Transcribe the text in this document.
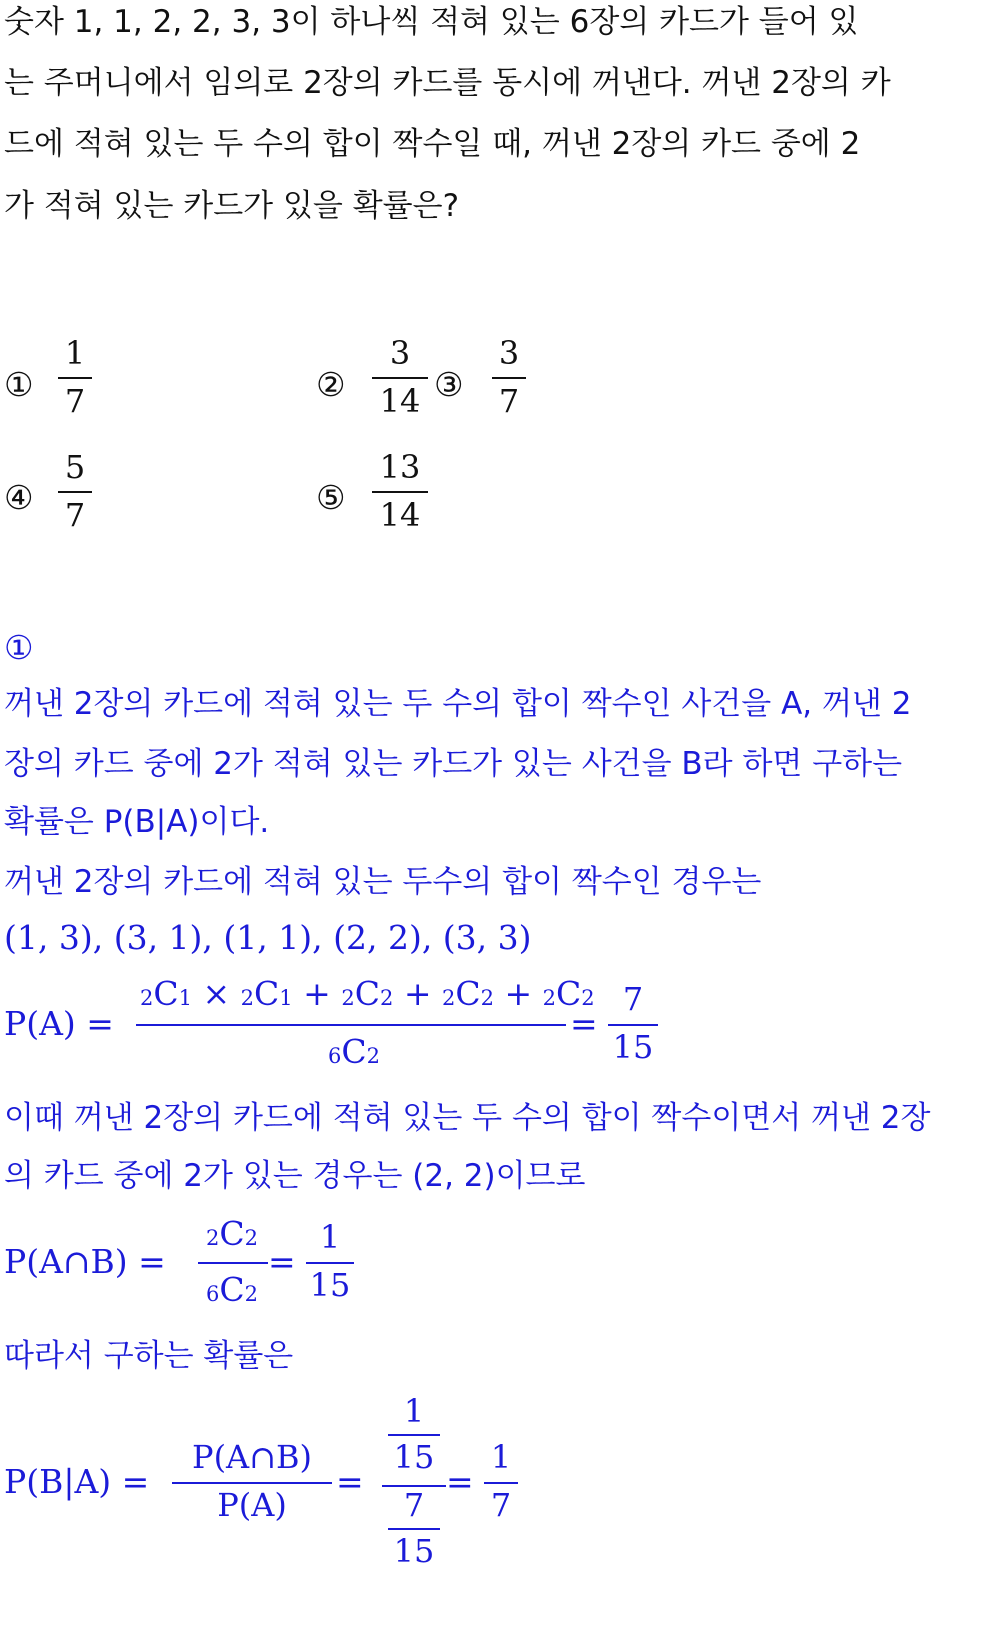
숫자 1, 1, 2, 2, 3, 3이 하나씩 적혀 있는 6장의 카드가 들어 있
는 주머니에서 임의로 2장의 카드를 동시에 꺼낸다. 꺼낸 2장의 카
드에 적혀 있는 두 수의 합이 짝수일 때, 꺼낸 2장의 카드 중에 2
가 적혀 있는 카드가 있을 확률은?
①
1
7	②
3
14 ③
3
7
④
5
7	⑤
13
14
①
꺼낸 2장의 카드에 적혀 있는 두 수의 합이 짝수인 사건을 A, 꺼낸 2
장의 카드 중에 2가 적혀 있는 카드가 있는 사건을 B라 하면 구하는
확률은 P(B|A)이다.
꺼낸 2장의 카드에 적혀 있는 두수의 합이 짝수인 경우는
(1, 3), (3, 1), (1, 1), (2, 2), (3, 3)
P(A) =
2C1 × 2C1 + 2C2 + 2C2 + 2C2
6C2
=
7
15
이때 꺼낸 2장의 카드에 적혀 있는 두 수의 합이 짝수이면서 꺼낸 2장
의 카드 중에 2가 있는 경우는 (2, 2)이므로
P(A∩B) =
2C2
6C2
=
1
15
따라서 구하는 확률은
P(B|A) =
P(A∩B)
P(A)
=
1
15
7
15
=
1
7
